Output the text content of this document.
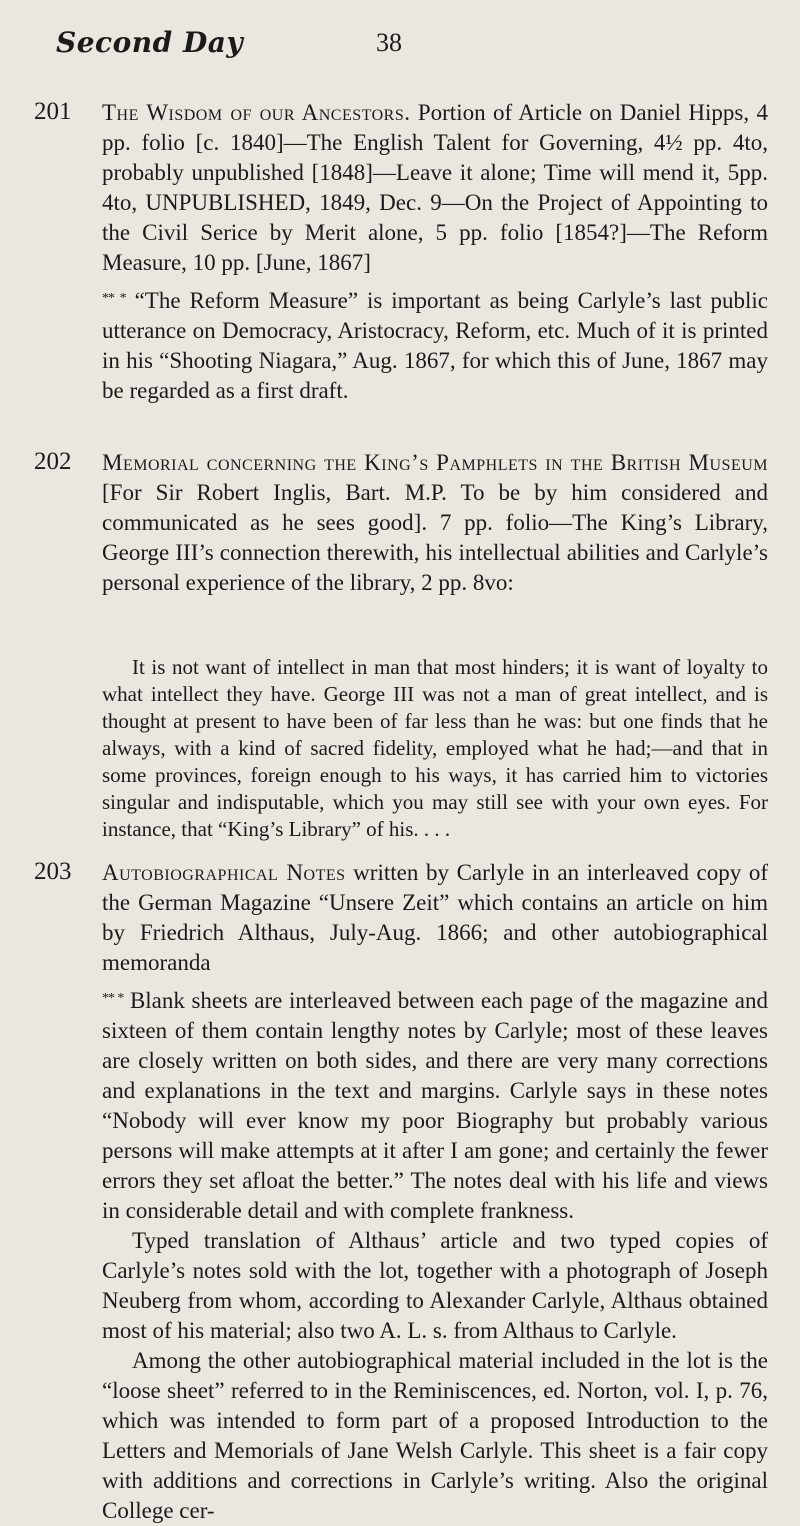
Second Day	38
201 The Wisdom of our Ancestors. Portion of Article on Daniel Hipps, 4 pp. folio [c. 1840]—The English Talent for Governing, 4½ pp. 4to, probably unpublished [1848]—Leave it alone; Time will mend it, 5pp. 4to, UNPUBLISHED, 1849, Dec. 9—On the Project of Appointing to the Civil Serice by Merit alone, 5 pp. folio [1854?]—The Reform Measure, 10 pp. [June, 1867]

** * “The Reform Measure” is important as being Carlyle’s last public utterance on Democracy, Aristocracy, Reform, etc. Much of it is printed in his “Shooting Niagara,” Aug. 1867, for which this of June, 1867 may be regarded as a first draft.

202 Memorial concerning the King’s Pamphlets in the British Museum [For Sir Robert Inglis, Bart. M.P. To be by him considered and communicated as he sees good]. 7 pp. folio—The King’s Library, George III’s connection therewith, his intellectual abilities and Carlyle’s personal experience of the library, 2 pp. 8vo:

It is not want of intellect in man that most hinders; it is want of loyalty to what intellect they have. George III was not a man of great intellect, and is thought at present to have been of far less than he was: but one finds that he always, with a kind of sacred fidelity, employed what he had;—and that in some provinces, foreign enough to his ways, it has carried him to victories singular and indisputable, which you may still see with your own eyes. For instance, that “King’s Library” of his. . . .

203 Autobiographical Notes written by Carlyle in an interleaved copy of the German Magazine “Unsere Zeit” which contains an article on him by Friedrich Althaus, July-Aug. 1866; and other autobiographical memoranda

** * Blank sheets are interleaved between each page of the magazine and sixteen of them contain lengthy notes by Carlyle; most of these leaves are closely written on both sides, and there are very many corrections and explanations in the text and margins. Carlyle says in these notes “Nobody will ever know my poor Biography but probably various persons will make attempts at it after I am gone; and certainly the fewer errors they set afloat the better.” The notes deal with his life and views in considerable detail and with complete frankness.

Typed translation of Althaus’ article and two typed copies of Carlyle’s notes sold with the lot, together with a photograph of Joseph Neuberg from whom, according to Alexander Carlyle, Althaus obtained most of his material; also two A. L. s. from Althaus to Carlyle.

Among the other autobiographical material included in the lot is the “loose sheet” referred to in the Reminiscences, ed. Norton, vol. I, p. 76, which was intended to form part of a proposed Introduction to the Letters and Memorials of Jane Welsh Carlyle. This sheet is a fair copy with additions and corrections in Carlyle’s writing. Also the original College cer-
